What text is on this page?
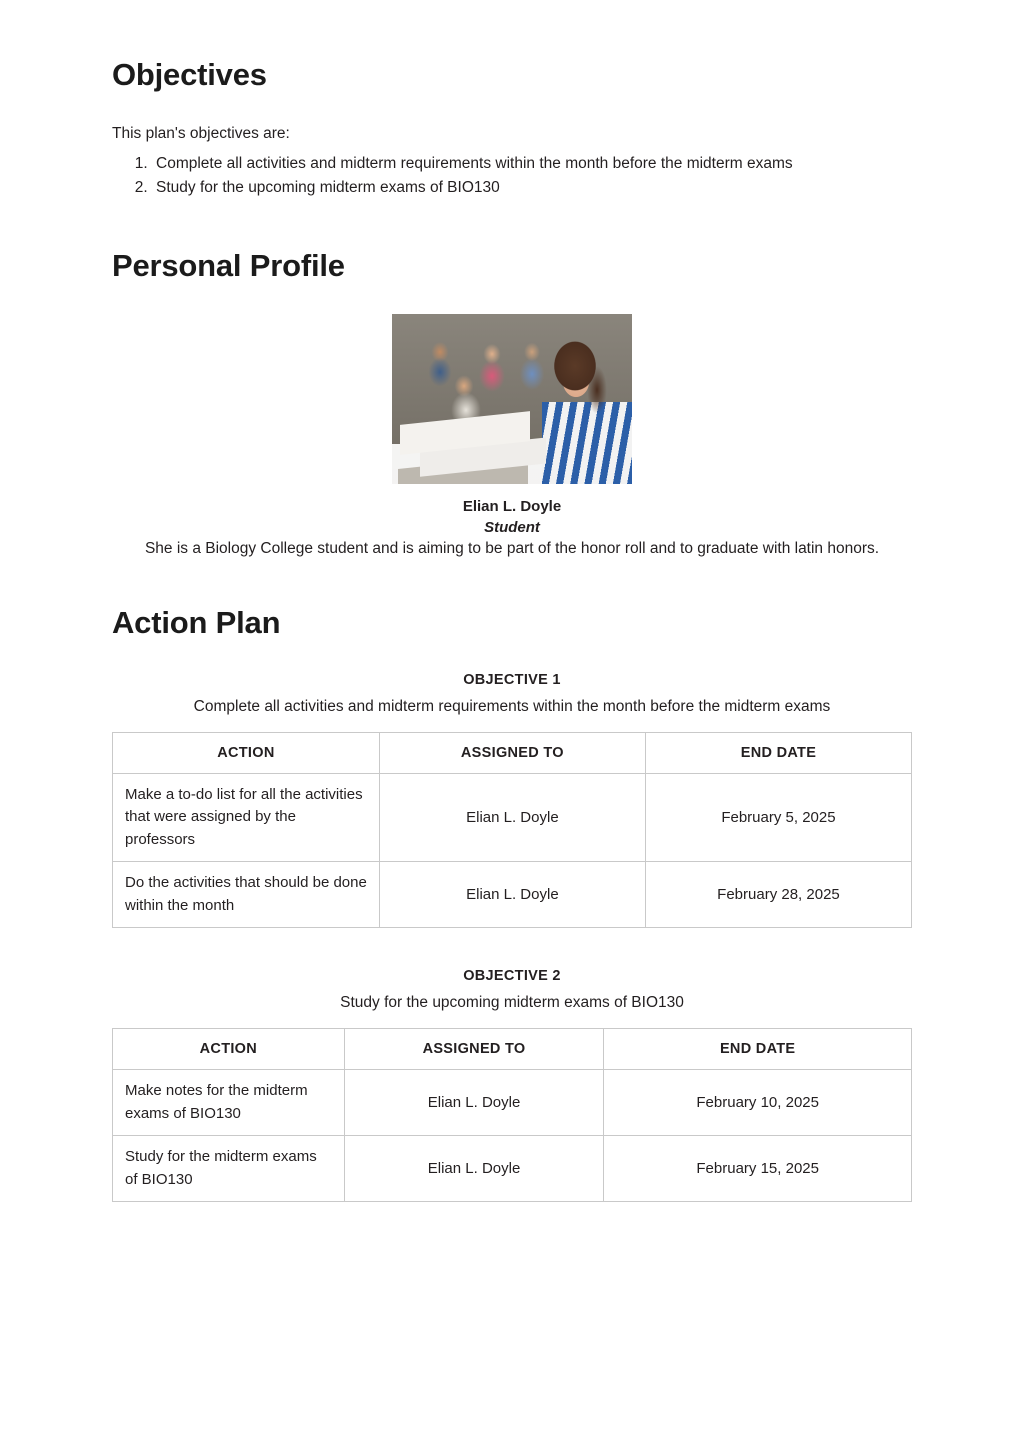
Objectives

This plan's objectives are:

1. Complete all activities and midterm requirements within the month before the midterm exams
2. Study for the upcoming midterm exams of BIO130
Personal Profile

Elian L. Doyle

Student

She is a Biology College student and is aiming to be part of the honor roll and to graduate with latin honors.

Action Plan

OBJECTIVE 1

Complete all activities and midterm requirements within the month before the midterm exams

ACTION	ASSIGNED TO	END DATE
Make a to-do list for all the activities that were assigned by the professors	Elian L. Doyle	February 5, 2025
Do the activities that should be done within the month	Elian L. Doyle	February 28, 2025

OBJECTIVE 2

Study for the upcoming midterm exams of BIO130

ACTION	ASSIGNED TO	END DATE
Make notes for the midterm exams of BIO130	Elian L. Doyle	February 10, 2025
Study for the midterm exams of BIO130	Elian L. Doyle	February 15, 2025
